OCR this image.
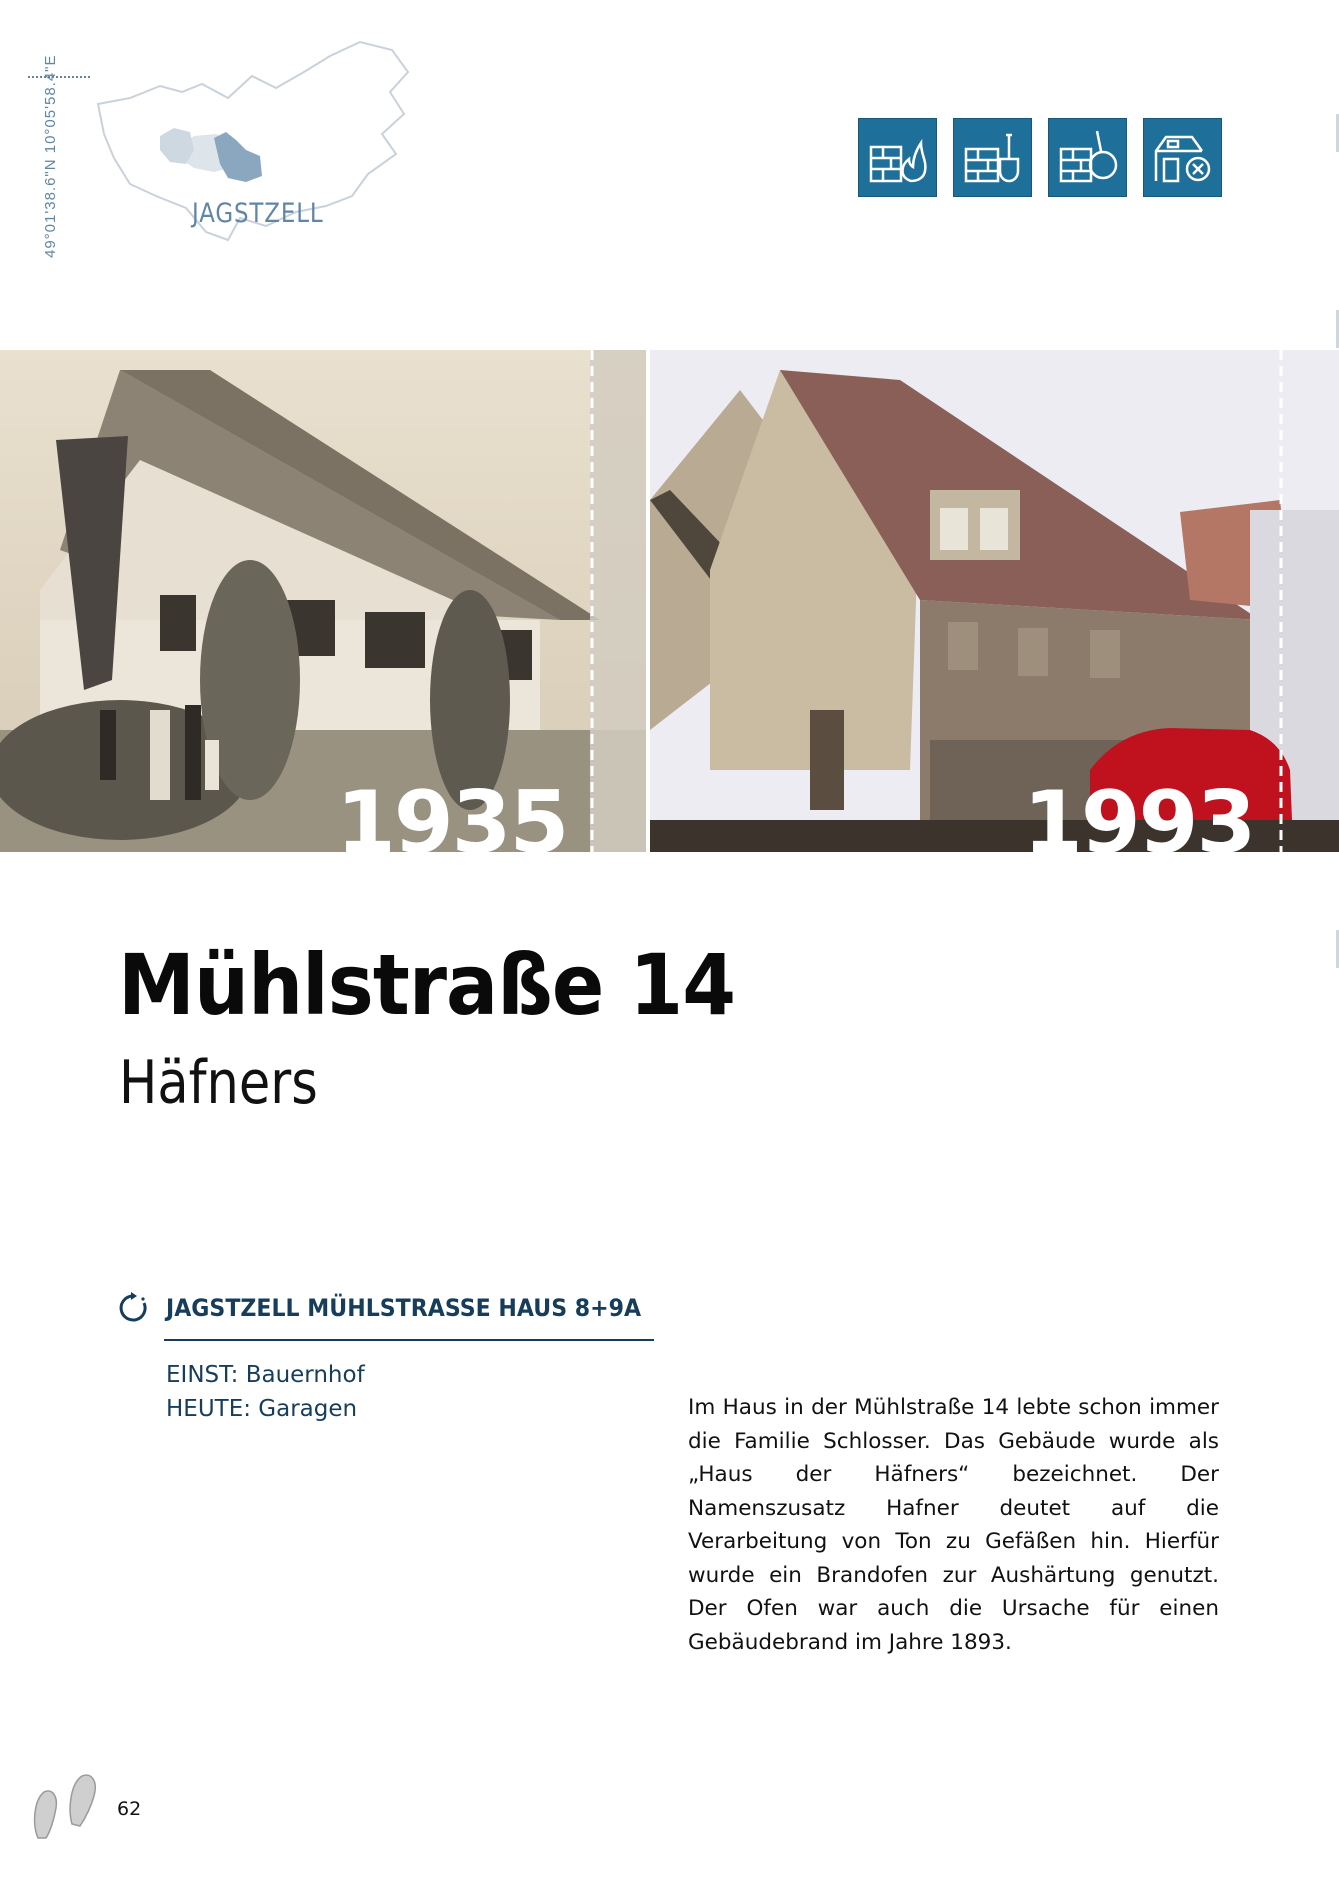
49°01'38.6"N 10°05'58.4"E	JAGSTZELL
1935	1993
Mühlstraße 14
Häfners
JAGSTZELL MÜHLSTRASSE HAUS 8+9A
EINST: Bauernhof
HEUTE: Garagen	Im Haus in der Mühlstraße 14 lebte schon immer die Familie Schlosser. Das Gebäude wurde als „Haus der Häfners“ bezeichnet. Der Namenszusatz Hafner deutet auf die Verarbeitung von Ton zu Gefäßen hin. Hierfür wurde ein Brandofen zur Aushärtung genutzt. Der Ofen war auch die Ursache für einen Gebäudebrand im Jahre 1893.
62
